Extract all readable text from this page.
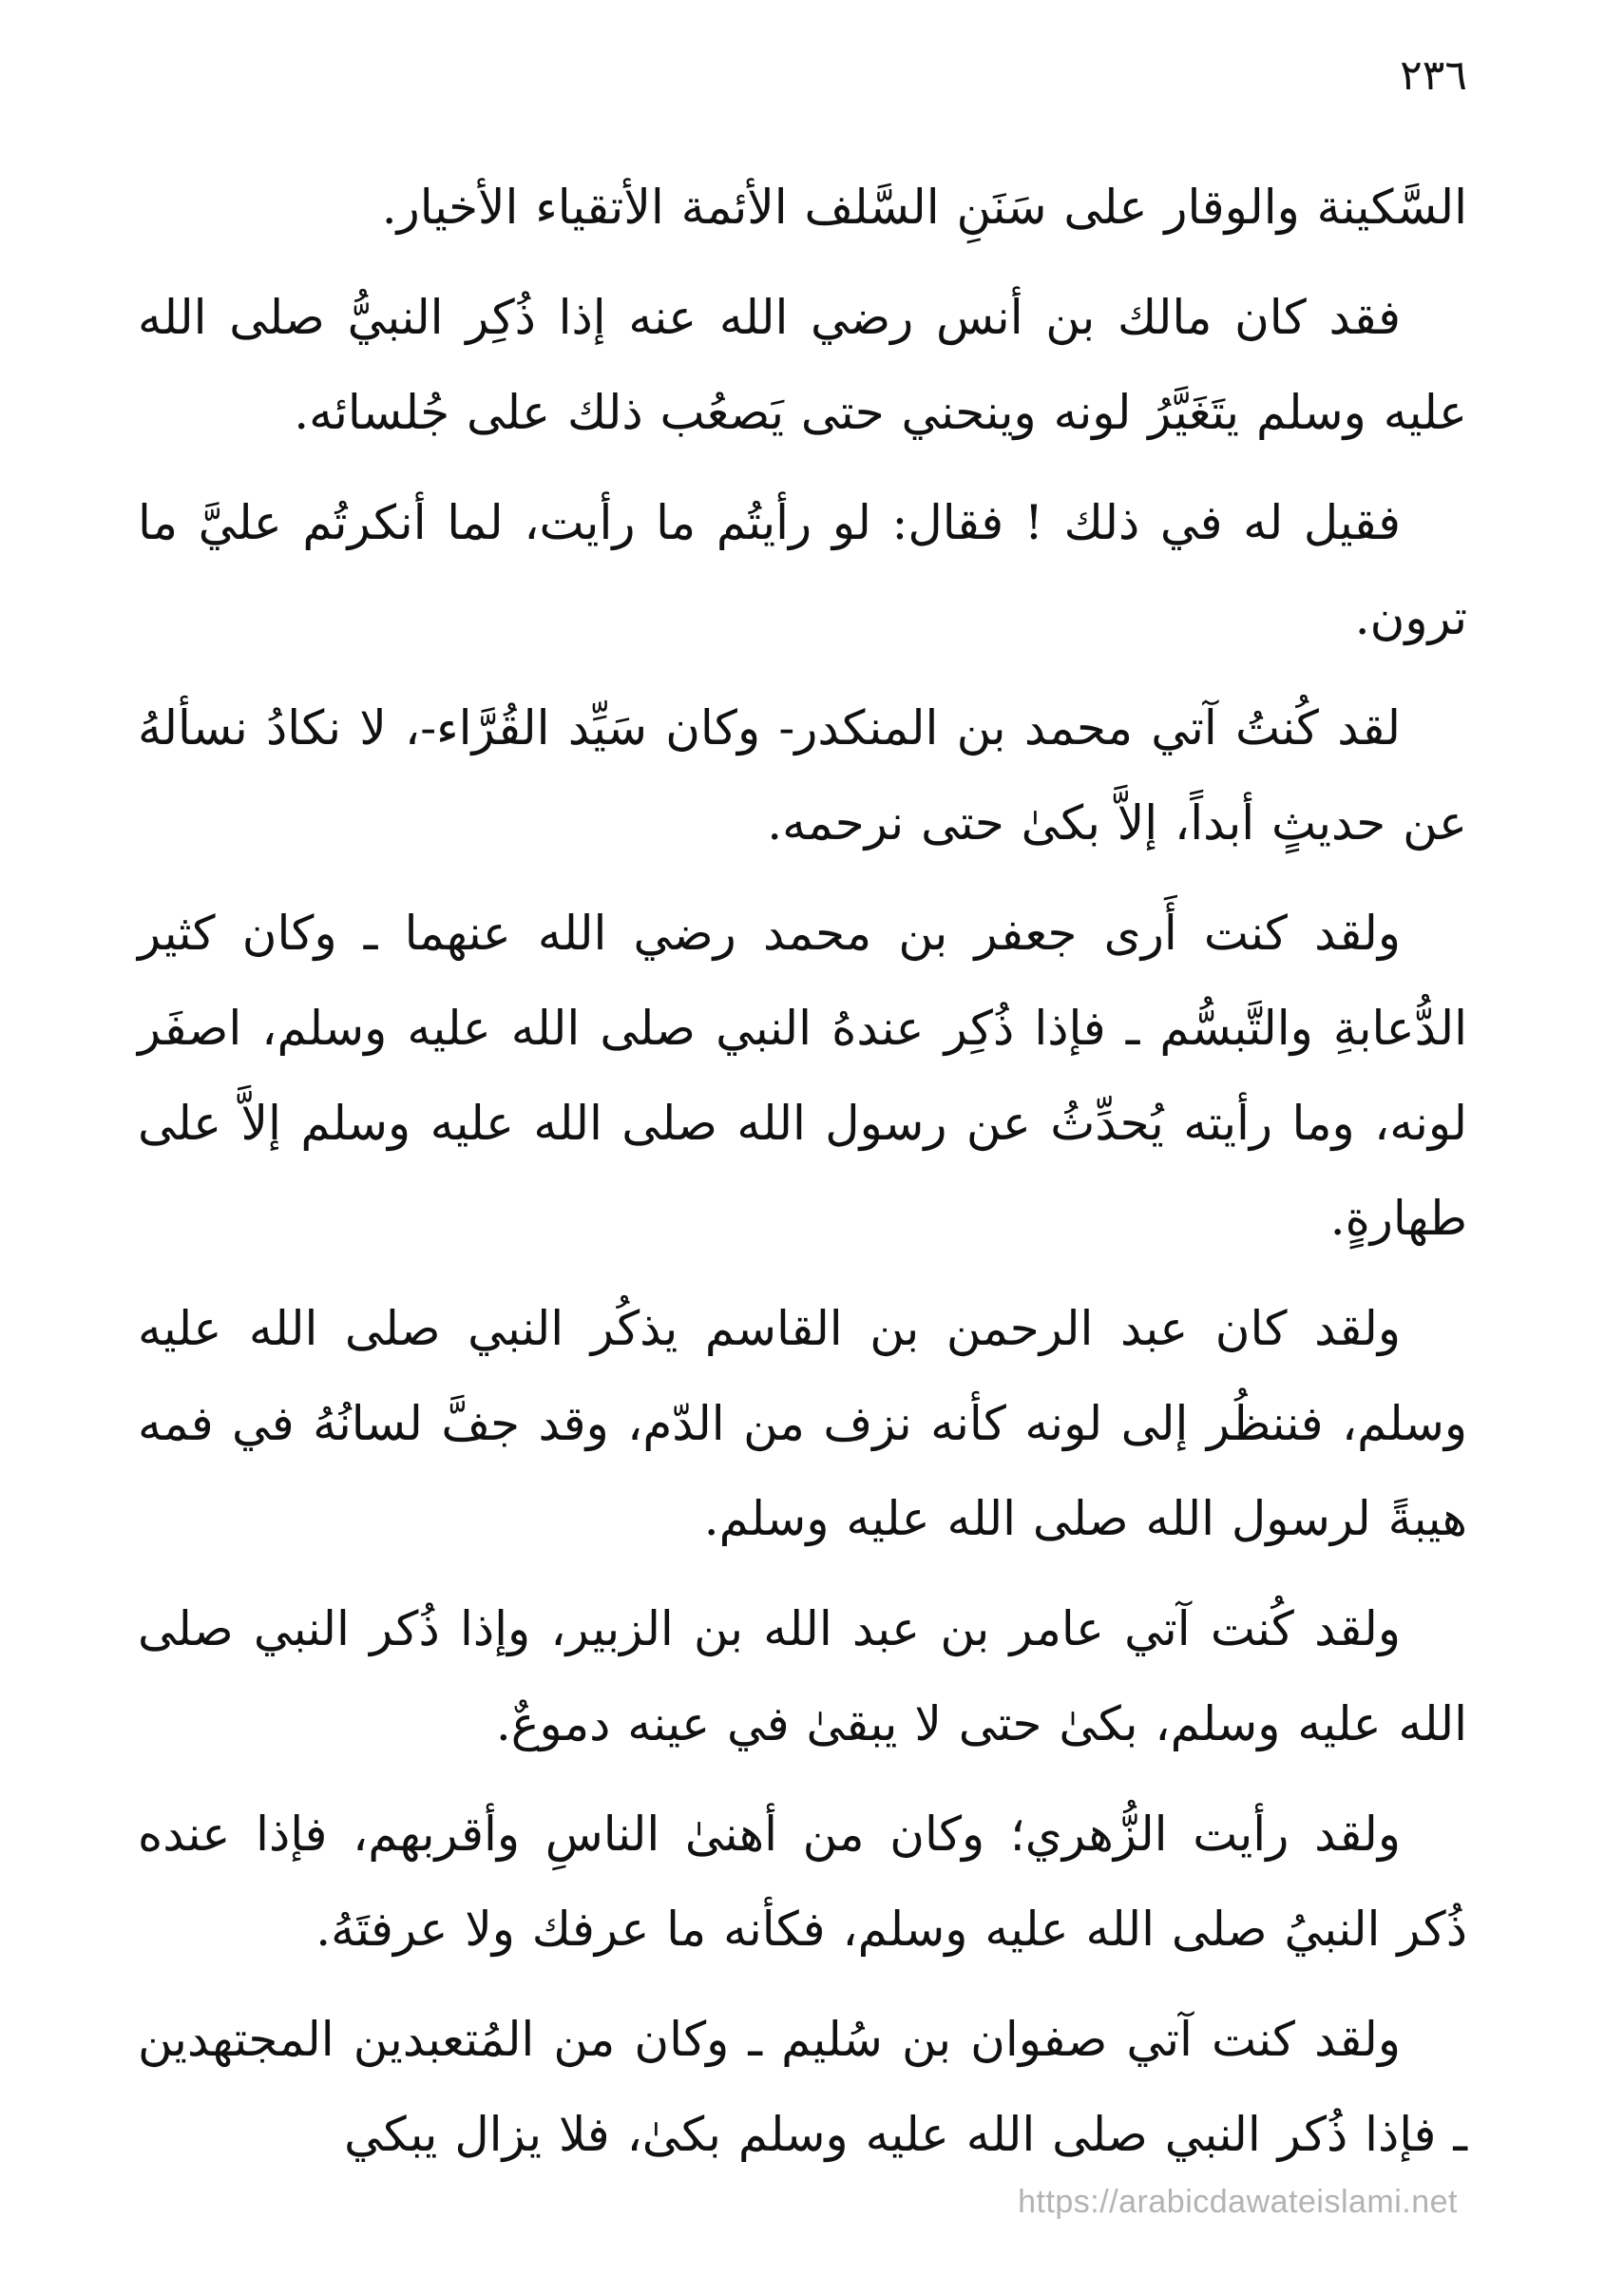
٢٣٦

السَّكينة والوقار على سَنَنِ السَّلف الأئمة الأتقياء الأخيار.

فقد كان مالك بن أنس رضي الله عنه إذا ذُكِر النبيُّ صلى الله عليه وسلم يتَغَيَّرُ لونه وينحني حتى يَصعُب ذلك على جُلسائه.

فقيل له في ذلك ! فقال: لو رأيتُم ما رأيت، لما أنكرتُم عليَّ ما ترون.

لقد كُنتُ آتي محمد بن المنكدر- وكان سَيِّد القُرَّاء-، لا نكادُ نسألهُ عن حديثٍ أبداً، إلاَّ بكىٰ حتى نرحمه.

ولقد كنت أَرى جعفر بن محمد رضي الله عنهما ـ وكان كثير الدُّعابةِ والتَّبسُّم ـ فإذا ذُكِر عندهُ النبي صلى الله عليه وسلم، اصفَر لونه، وما رأيته يُحدِّثُ عن رسول الله صلى الله عليه وسلم إلاَّ على طهارةٍ.

ولقد كان عبد الرحمن بن القاسم يذكُر النبي صلى الله عليه وسلم، فننظُر إلى لونه كأنه نزف من الدّم، وقد جفَّ لسانُهُ في فمه هيبةً لرسول الله صلى الله عليه وسلم.

ولقد كُنت آتي عامر بن عبد الله بن الزبير، وإذا ذُكر النبي صلى الله عليه وسلم، بكىٰ حتى لا يبقىٰ في عينه دموعٌ.

ولقد رأيت الزُّهري؛ وكان من أهنىٰ الناسِ وأقربهم، فإذا عنده ذُكر النبيُ صلى الله عليه وسلم، فكأنه ما عرفك ولا عرفتَهُ.

ولقد كنت آتي صفوان بن سُليم ـ وكان من المُتعبدين المجتهدين ـ فإذا ذُكر النبي صلى الله عليه وسلم بكىٰ، فلا يزال يبكي

https://arabicdawateislami.net
